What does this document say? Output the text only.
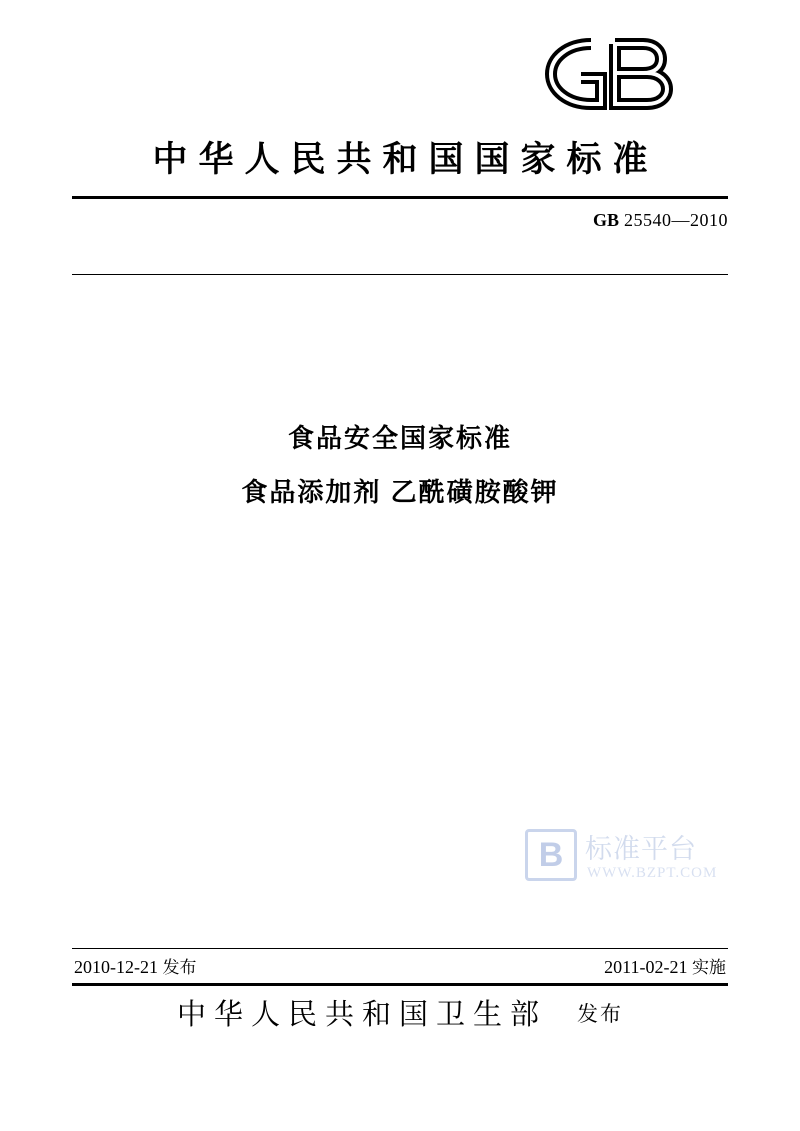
中华人民共和国国家标准
GB 25540—2010
食品安全国家标准
食品添加剂 乙酰磺胺酸钾
B 标准平台
WWW.BZPT.COM
2010-12-21 发布	2011-02-21 实施
中华人民共和国卫生部 发布
